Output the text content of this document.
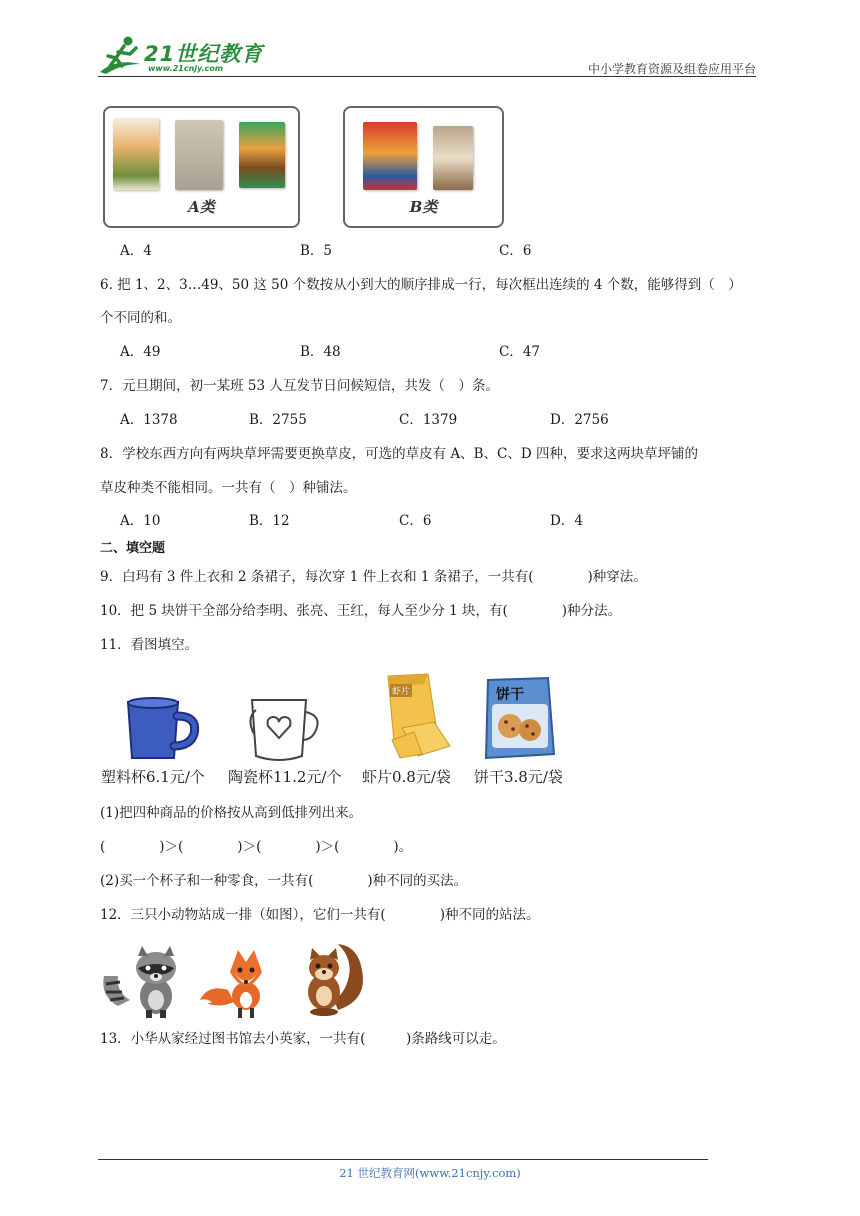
21世纪教育
www.21cnjy.com	中小学教育资源及组卷应用平台
A类	B类
A．4	B．5	C．6
6. 把 1、2、3…49、50 这 50 个数按从小到大的顺序排成一行，每次框出连续的 4 个数，能够得到（　）
个不同的和。
A．49	B．48	C．47
7．元旦期间，初一某班 53 人互发节日问候短信，共发（　）条。
A．1378	B．2755	C．1379	D．2756
8．学校东西方向有两块草坪需要更换草皮，可选的草皮有 A、B、C、D 四种，要求这两块草坪铺的
草皮种类不能相同。一共有（　）种铺法。
A．10	B．12	C．6	D．4
二、填空题
9．白玛有 3 件上衣和 2 条裙子，每次穿 1 件上衣和 1 条裙子，一共有(　　　　)种穿法。
10．把 5 块饼干全部分给李明、张亮、王红，每人至少分 1 块，有(　　　　)种分法。
11．看图填空。
虾片	饼干
塑料杯6.1元/个 陶瓷杯11.2元/个 虾片0.8元/袋 饼干3.8元/袋
(1)把四种商品的价格按从高到低排列出来。
(　　　　)＞(　　　　)＞(　　　　)＞(　　　　)。
(2)买一个杯子和一种零食，一共有(　　　　)种不同的买法。
12．三只小动物站成一排（如图），它们一共有(　　　　)种不同的站法。
13．小华从家经过图书馆去小英家，一共有(　　　)条路线可以走。
21 世纪教育网(www.21cnjy.com)
